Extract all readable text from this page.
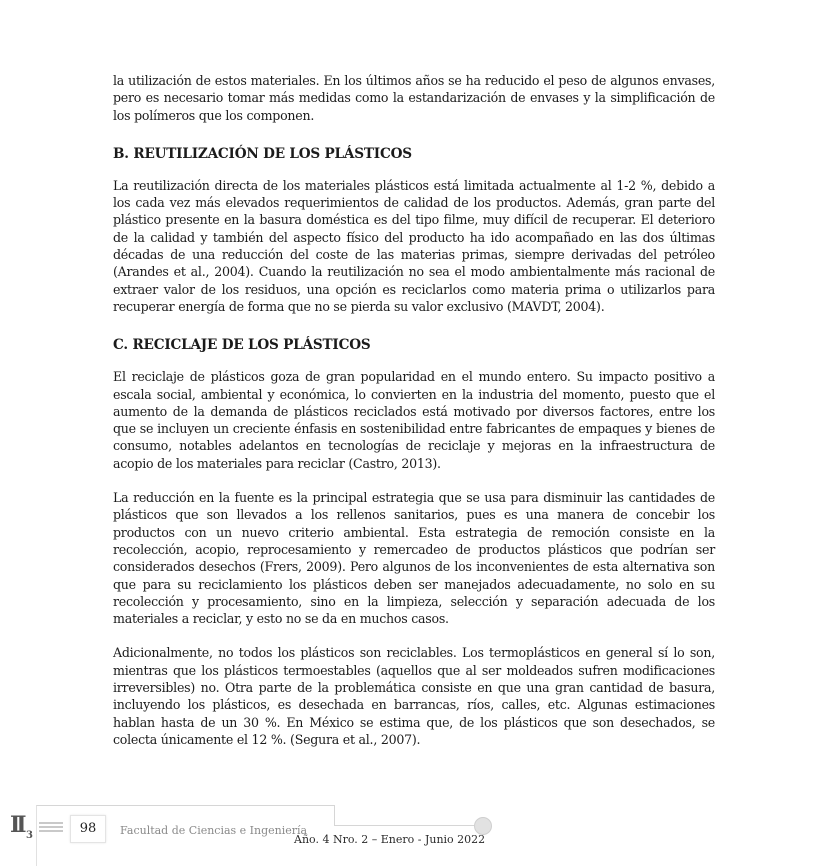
la utilización de estos materiales. En los últimos años se ha reducido el peso de algunos envases, pero es necesario tomar más medidas como la estandarización de envases y la simplificación de los polímeros que los componen.

B. REUTILIZACIÓN DE LOS PLÁSTICOS

La reutilización directa de los materiales plásticos está limitada actualmente al 1-2 %, debido a los cada vez más elevados requerimientos de calidad de los productos. Además, gran parte del plástico presente en la basura doméstica es del tipo filme, muy difícil de recuperar. El deterioro de la calidad y también del aspecto físico del producto ha ido acompañado en las dos últimas décadas de una reducción del coste de las materias primas, siempre derivadas del petróleo (Arandes et al., 2004). Cuando la reutilización no sea el modo ambientalmente más racional de extraer valor de los residuos, una opción es reciclarlos como materia prima o utilizarlos para recuperar energía de forma que no se pierda su valor exclusivo (MAVDT, 2004).

C. RECICLAJE DE LOS PLÁSTICOS

El reciclaje de plásticos goza de gran popularidad en el mundo entero. Su impacto positivo a escala social, ambiental y económica, lo convierten en la industria del momento, puesto que el aumento de la demanda de plásticos reciclados está motivado por diversos factores, entre los que se incluyen un creciente énfasis en sostenibilidad entre fabricantes de empaques y bienes de consumo, notables adelantos en tecnologías de reciclaje y mejoras en la infraestructura de acopio de los materiales para reciclar (Castro, 2013).

La reducción en la fuente es la principal estrategia que se usa para disminuir las cantidades de plásticos que son llevados a los rellenos sanitarios, pues es una manera de concebir los productos con un nuevo criterio ambiental. Esta estrategia de remoción consiste en la recolección, acopio, reprocesamiento y remercadeo de productos plásticos que podrían ser considerados desechos (Frers, 2009). Pero algunos de los inconvenientes de esta alternativa son que para su reciclamiento los plásticos deben ser manejados adecuadamente, no solo en su recolección y procesamiento, sino en la limpieza, selección y separación adecuada de los materiales a reciclar, y esto no se da en muchos casos.

Adicionalmente, no todos los plásticos son reciclables. Los termoplásticos en general sí lo son, mientras que los plásticos termoestables (aquellos que al ser moldeados sufren modificaciones irreversibles) no. Otra parte de la problemática consiste en que una gran cantidad de basura, incluyendo los plásticos, es desechada en barrancas, ríos, calles, etc. Algunas estimaciones hablan hasta de un 30 %. En México se estima que, de los plásticos que son desechados, se colecta únicamente el 12 %. (Segura et al., 2007).

II 3	98	Facultad de Ciencias e Ingeniería
Año. 4 Nro. 2 – Enero - Junio 2022
